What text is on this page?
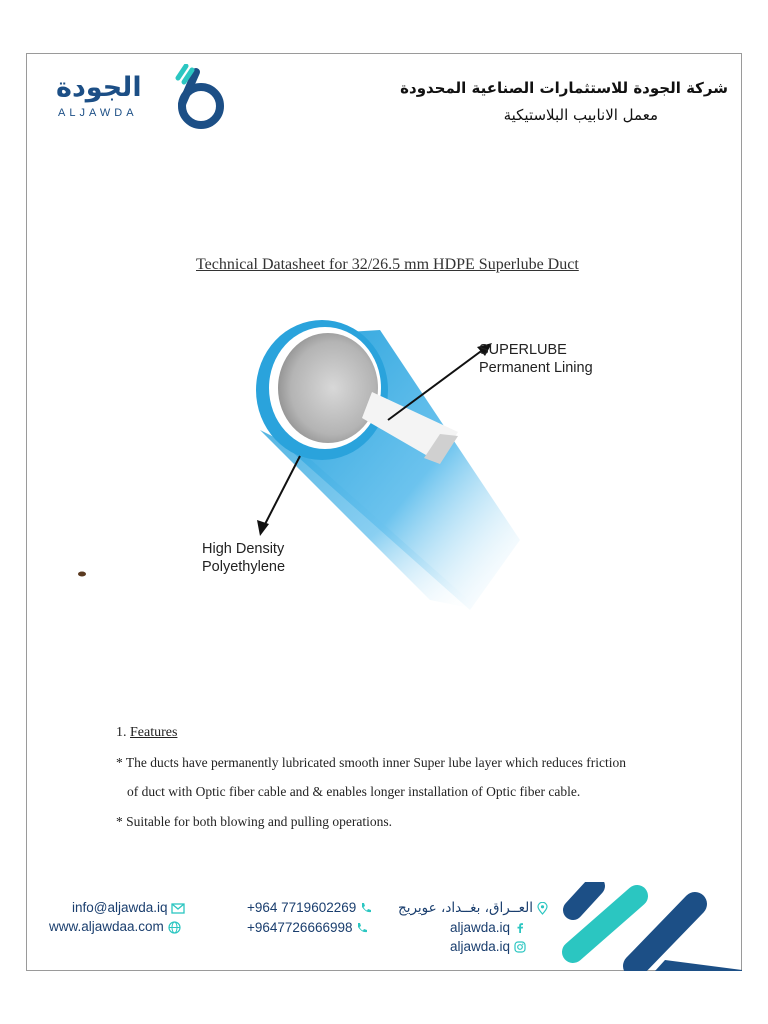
الجودة
ALJAWDA
شركة الجودة للاستثمارات الصناعية المحدودة
معمل الانابيب البلاستيكية
Technical Datasheet for 32/26.5 mm HDPE Superlube Duct
SUPERLUBE
Permanent Lining
High Density
Polyethylene
1. Features
* The ducts have permanently lubricated smooth inner Super lube layer which reduces friction
of duct with Optic fiber cable and & enables longer installation of Optic fiber cable.
* Suitable for both blowing and pulling operations.
info@aljawda.iq
www.aljawdaa.com
+964 7719602269
+9647726666998
العــراق، بغــداد، عويريج
aljawda.iq
aljawda.iq
